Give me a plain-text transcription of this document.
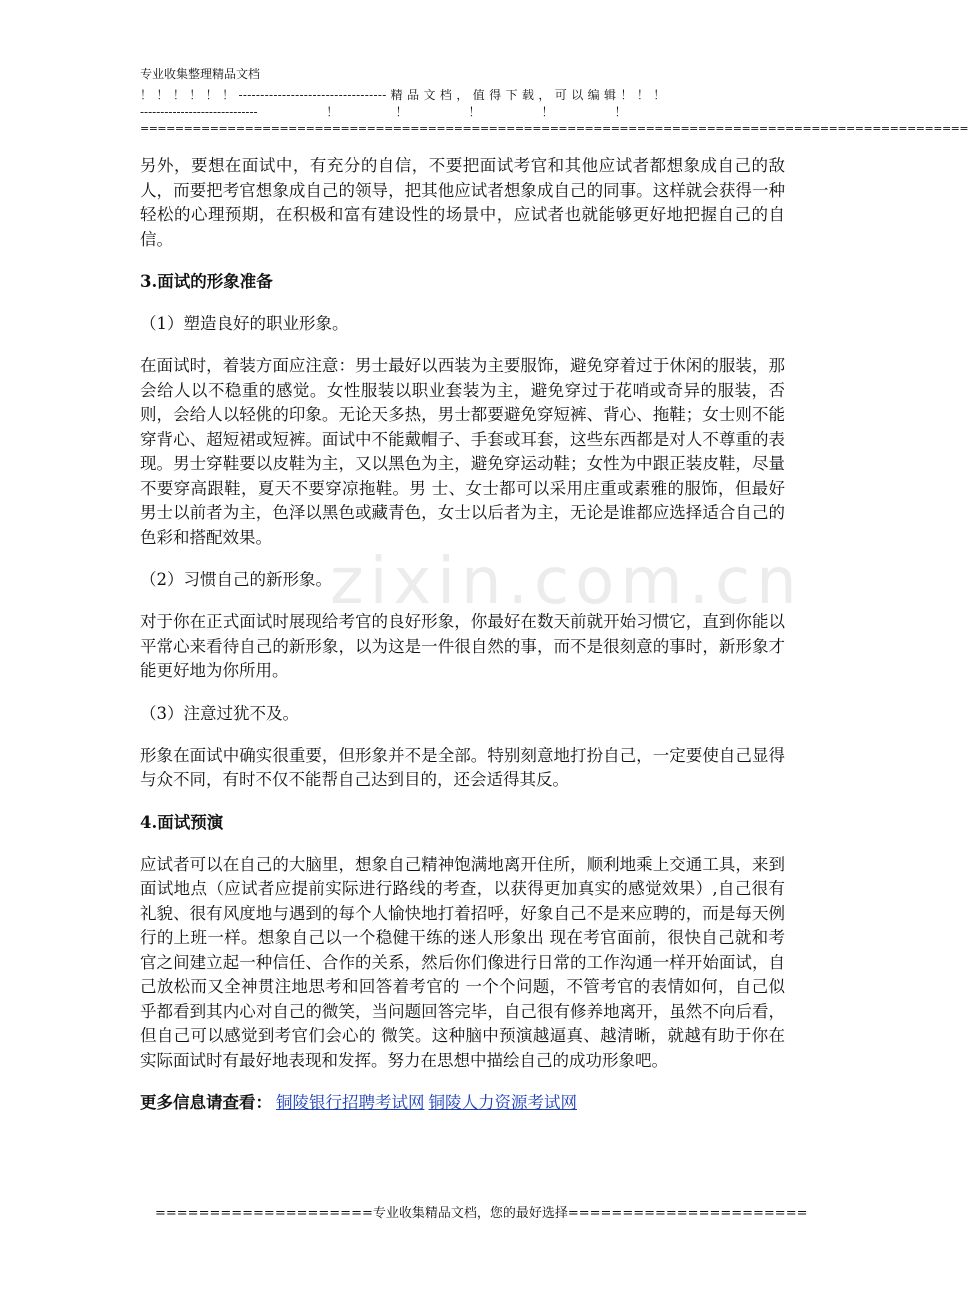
zixin.com.cn
专业收集整理精品文档
！ ！ ！ ！ ！ ！ ---------------------------------- 精 品 文 档 ， 值 得 下 载 ， 可 以 编 辑 ！ ！ ！
-----------------------------                  ！               ！                ！                ！                ！
===============================================================================================

另外，要想在面试中，有充分的自信，不要把面试考官和其他应试者都想象成自己的敌人，而要把考官想象成自己的领导，把其他应试者想象成自己的同事。这样就会获得一种轻松的心理预期，在积极和富有建设性的场景中，应试者也就能够更好地把握自己的自信。

3.面试的形象准备
（1）塑造良好的职业形象。

在面试时，着装方面应注意：男士最好以西装为主要服饰，避免穿着过于休闲的服装，那会给人以不稳重的感觉。女性服装以职业套装为主，避免穿过于花哨或奇异的服装，否则，会给人以轻佻的印象。无论天多热，男士都要避免穿短裤、背心、拖鞋；女士则不能穿背心、超短裙或短裤。面试中不能戴帽子、手套或耳套，这些东西都是对人不尊重的表现。男士穿鞋要以皮鞋为主，又以黑色为主，避免穿运动鞋；女性为中跟正装皮鞋，尽量不要穿高跟鞋，夏天不要穿凉拖鞋。男 士、女士都可以采用庄重或素雅的服饰，但最好男士以前者为主，色泽以黑色或藏青色，女士以后者为主，无论是谁都应选择适合自己的色彩和搭配效果。

（2）习惯自己的新形象。

对于你在正式面试时展现给考官的良好形象，你最好在数天前就开始习惯它，直到你能以平常心来看待自己的新形象，以为这是一件很自然的事，而不是很刻意的事时，新形象才能更好地为你所用。

（3）注意过犹不及。

形象在面试中确实很重要，但形象并不是全部。特别刻意地打扮自己，一定要使自己显得与众不同，有时不仅不能帮自己达到目的，还会适得其反。

4.面试预演

应试者可以在自己的大脑里，想象自己精神饱满地离开住所，顺利地乘上交通工具，来到面试地点（应试者应提前实际进行路线的考查，以获得更加真实的感觉效果）,自己很有礼貌、很有风度地与遇到的每个人愉快地打着招呼，好象自己不是来应聘的，而是每天例行的上班一样。想象自己以一个稳健干练的迷人形象出 现在考官面前，很快自己就和考官之间建立起一种信任、合作的关系，然后你们像进行日常的工作沟通一样开始面试，自己放松而又全神贯注地思考和回答着考官的 一个个问题，不管考官的表情如何，自己似乎都看到其内心对自己的微笑，当问题回答完毕，自己很有修养地离开，虽然不向后看，但自己可以感觉到考官们会心的 微笑。这种脑中预演越逼真、越清晰，就越有助于你在实际面试时有最好地表现和发挥。努力在思想中描绘自己的成功形象吧。

更多信息请查看： 铜陵银行招聘考试网 铜陵人力资源考试网

====================专业收集精品文档，您的最好选择======================
